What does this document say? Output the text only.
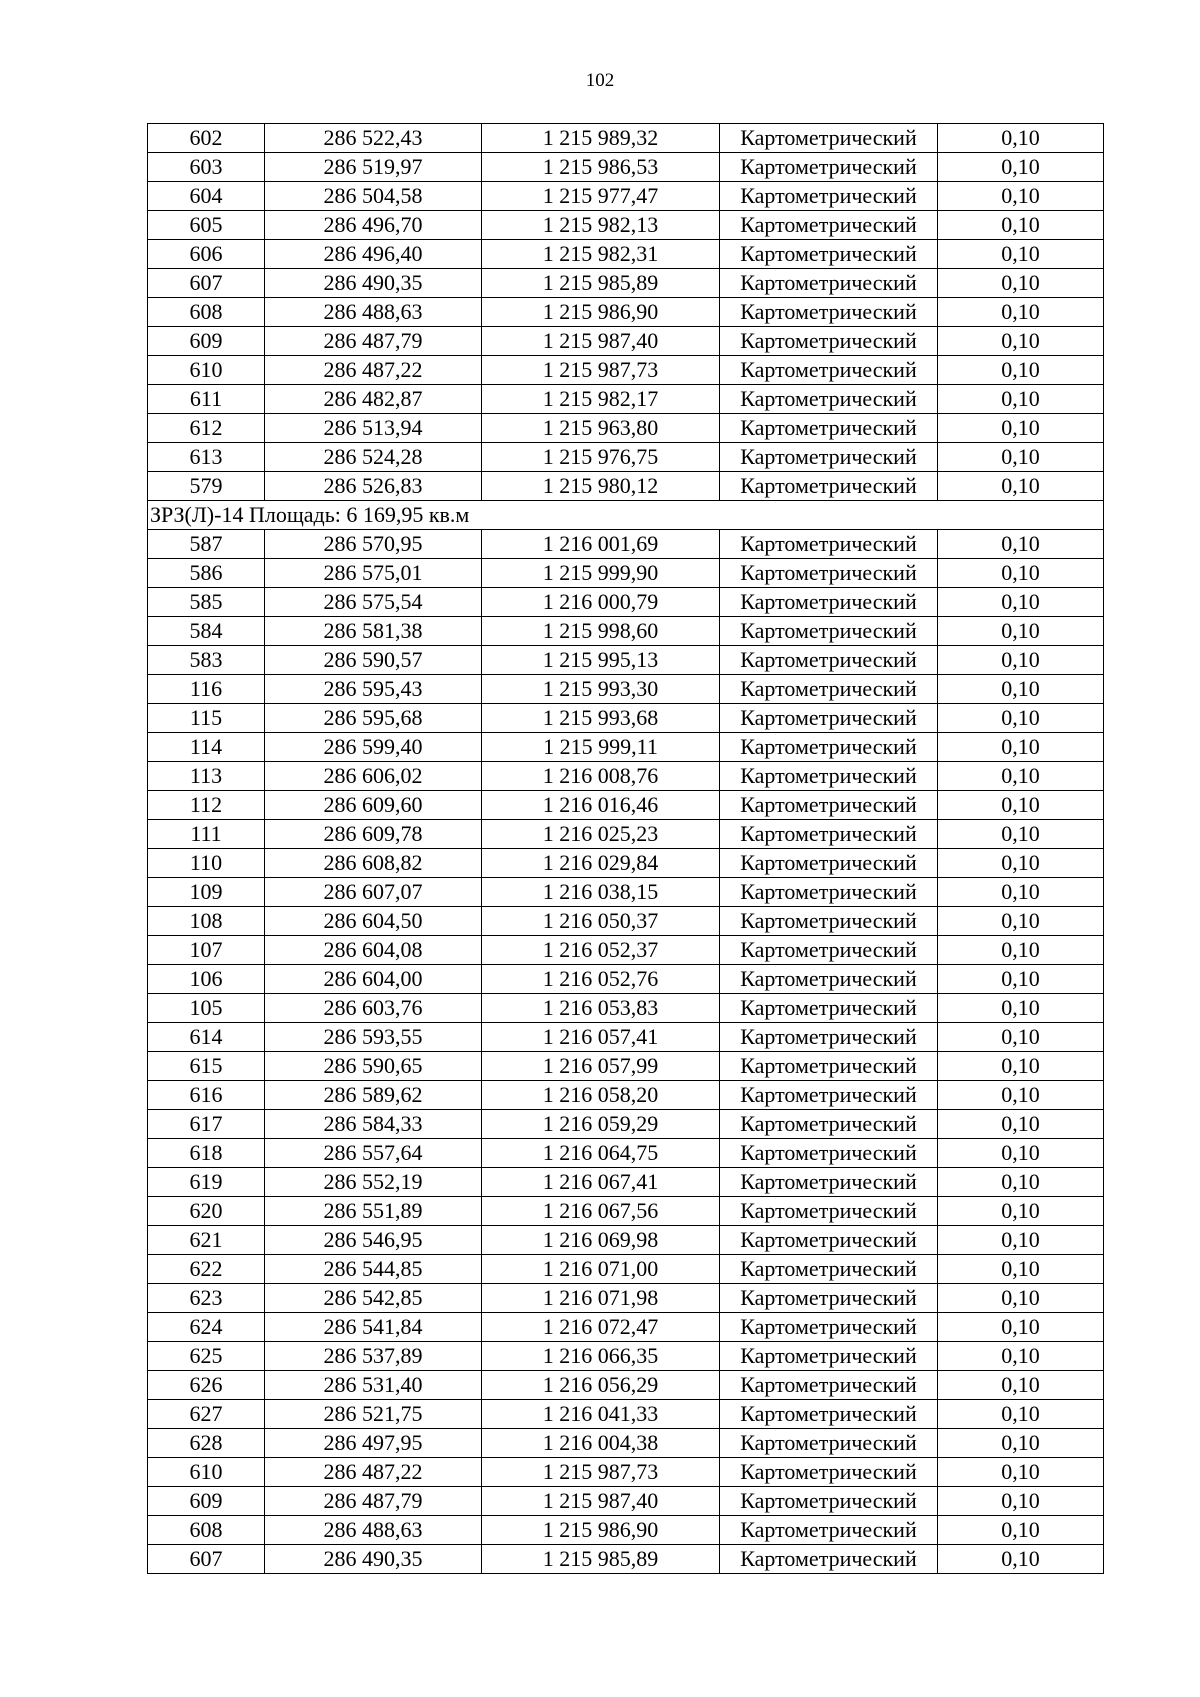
102
602	286 522,43	1 215 989,32	Картометрический	0,10
603	286 519,97	1 215 986,53	Картометрический	0,10
604	286 504,58	1 215 977,47	Картометрический	0,10
605	286 496,70	1 215 982,13	Картометрический	0,10
606	286 496,40	1 215 982,31	Картометрический	0,10
607	286 490,35	1 215 985,89	Картометрический	0,10
608	286 488,63	1 215 986,90	Картометрический	0,10
609	286 487,79	1 215 987,40	Картометрический	0,10
610	286 487,22	1 215 987,73	Картометрический	0,10
611	286 482,87	1 215 982,17	Картометрический	0,10
612	286 513,94	1 215 963,80	Картометрический	0,10
613	286 524,28	1 215 976,75	Картометрический	0,10
579	286 526,83	1 215 980,12	Картометрический	0,10
ЗРЗ(Л)-14 Площадь: 6 169,95 кв.м				
587	286 570,95	1 216 001,69	Картометрический	0,10
586	286 575,01	1 215 999,90	Картометрический	0,10
585	286 575,54	1 216 000,79	Картометрический	0,10
584	286 581,38	1 215 998,60	Картометрический	0,10
583	286 590,57	1 215 995,13	Картометрический	0,10
116	286 595,43	1 215 993,30	Картометрический	0,10
115	286 595,68	1 215 993,68	Картометрический	0,10
114	286 599,40	1 215 999,11	Картометрический	0,10
113	286 606,02	1 216 008,76	Картометрический	0,10
112	286 609,60	1 216 016,46	Картометрический	0,10
111	286 609,78	1 216 025,23	Картометрический	0,10
110	286 608,82	1 216 029,84	Картометрический	0,10
109	286 607,07	1 216 038,15	Картометрический	0,10
108	286 604,50	1 216 050,37	Картометрический	0,10
107	286 604,08	1 216 052,37	Картометрический	0,10
106	286 604,00	1 216 052,76	Картометрический	0,10
105	286 603,76	1 216 053,83	Картометрический	0,10
614	286 593,55	1 216 057,41	Картометрический	0,10
615	286 590,65	1 216 057,99	Картометрический	0,10
616	286 589,62	1 216 058,20	Картометрический	0,10
617	286 584,33	1 216 059,29	Картометрический	0,10
618	286 557,64	1 216 064,75	Картометрический	0,10
619	286 552,19	1 216 067,41	Картометрический	0,10
620	286 551,89	1 216 067,56	Картометрический	0,10
621	286 546,95	1 216 069,98	Картометрический	0,10
622	286 544,85	1 216 071,00	Картометрический	0,10
623	286 542,85	1 216 071,98	Картометрический	0,10
624	286 541,84	1 216 072,47	Картометрический	0,10
625	286 537,89	1 216 066,35	Картометрический	0,10
626	286 531,40	1 216 056,29	Картометрический	0,10
627	286 521,75	1 216 041,33	Картометрический	0,10
628	286 497,95	1 216 004,38	Картометрический	0,10
610	286 487,22	1 215 987,73	Картометрический	0,10
609	286 487,79	1 215 987,40	Картометрический	0,10
608	286 488,63	1 215 986,90	Картометрический	0,10
607	286 490,35	1 215 985,89	Картометрический	0,10
